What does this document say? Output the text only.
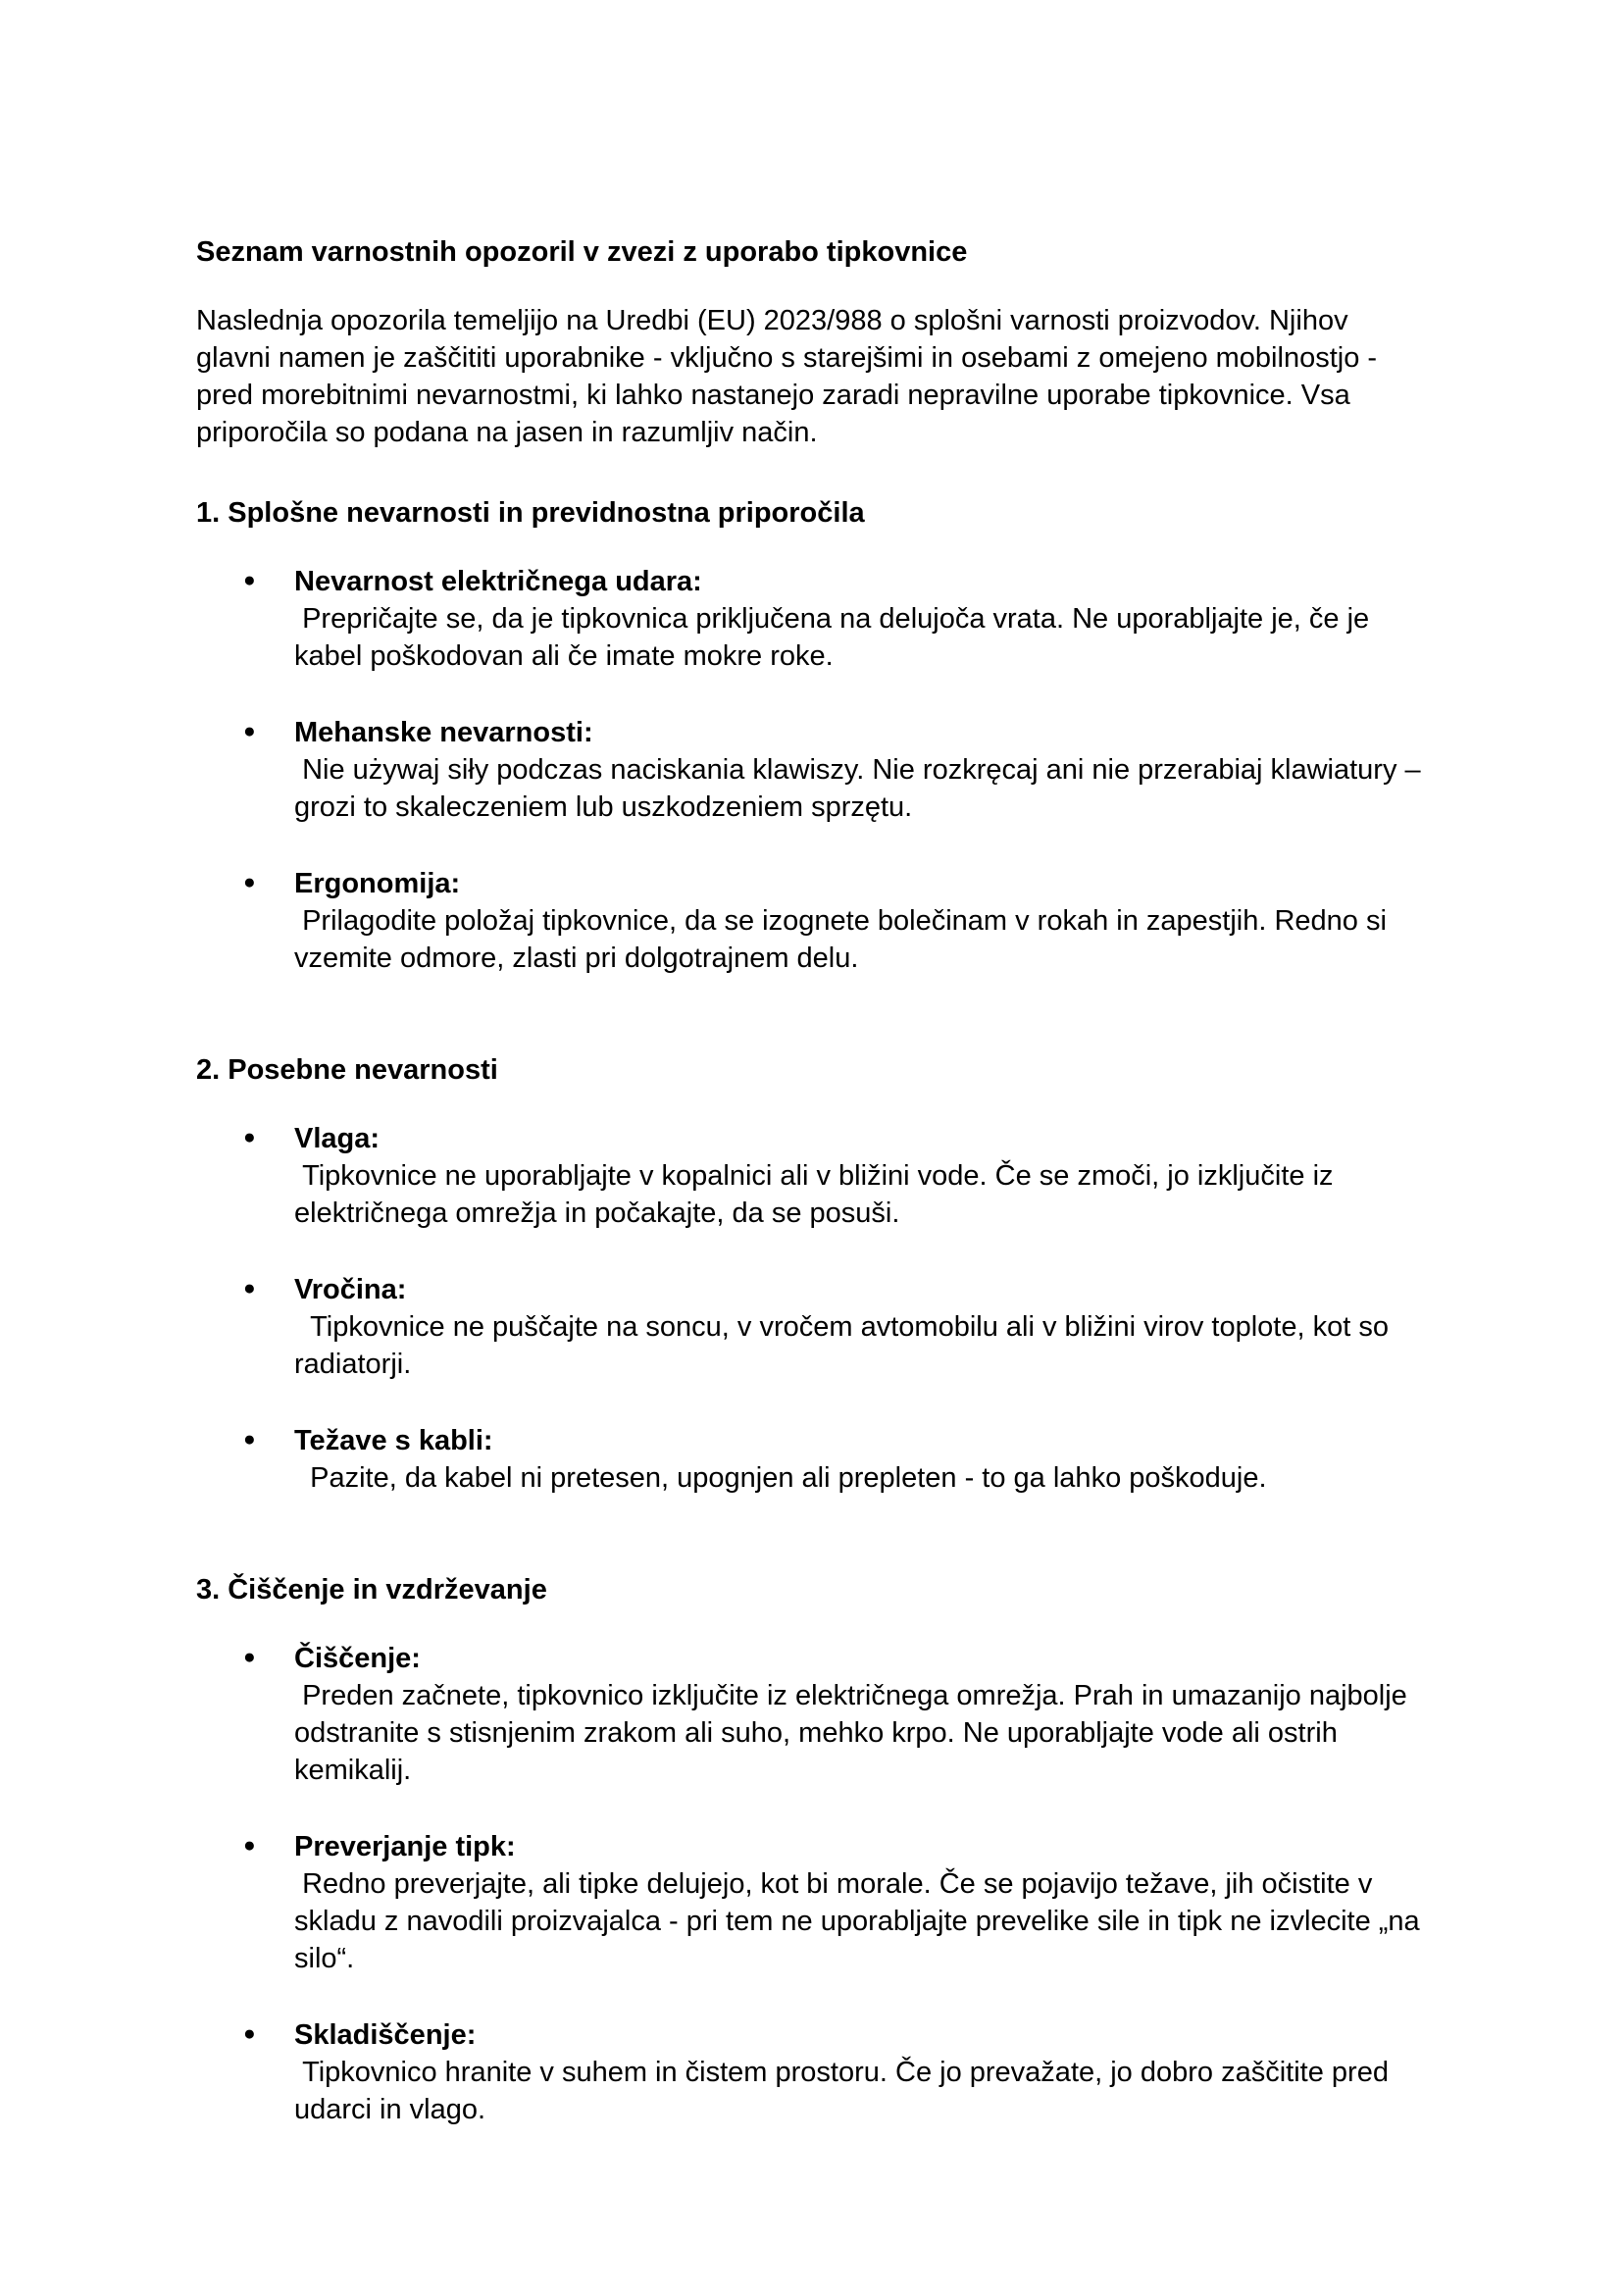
Seznam varnostnih opozoril v zvezi z uporabo tipkovnice

Naslednja opozorila temeljijo na Uredbi (EU) 2023/988 o splošni varnosti proizvodov. Njihov glavni namen je zaščititi uporabnike - vključno s starejšimi in osebami z omejeno mobilnostjo - pred morebitnimi nevarnostmi, ki lahko nastanejo zaradi nepravilne uporabe tipkovnice. Vsa priporočila so podana na jasen in razumljiv način.

1. Splošne nevarnosti in previdnostna priporočila
● Nevarnost električnega udara:
Prepričajte se, da je tipkovnica priključena na delujoča vrata. Ne uporabljajte je, če je kabel poškodovan ali če imate mokre roke.
● Mehanske nevarnosti:
Nie używaj siły podczas naciskania klawiszy. Nie rozkręcaj ani nie przerabiaj klawiatury – grozi to skaleczeniem lub uszkodzeniem sprzętu.
● Ergonomija:
Prilagodite položaj tipkovnice, da se izognete bolečinam v rokah in zapestjih. Redno si vzemite odmore, zlasti pri dolgotrajnem delu.
2. Posebne nevarnosti
● Vlaga:
Tipkovnice ne uporabljajte v kopalnici ali v bližini vode. Če se zmoči, jo izključite iz električnega omrežja in počakajte, da se posuši.
● Vročina:
Tipkovnice ne puščajte na soncu, v vročem avtomobilu ali v bližini virov toplote, kot so radiatorji.
● Težave s kabli:
Pazite, da kabel ni pretesen, upognjen ali prepleten - to ga lahko poškoduje.
3. Čiščenje in vzdrževanje
● Čiščenje:
Preden začnete, tipkovnico izključite iz električnega omrežja. Prah in umazanijo najbolje odstranite s stisnjenim zrakom ali suho, mehko krpo. Ne uporabljajte vode ali ostrih kemikalij.
● Preverjanje tipk:
Redno preverjajte, ali tipke delujejo, kot bi morale. Če se pojavijo težave, jih očistite v skladu z navodili proizvajalca - pri tem ne uporabljajte prevelike sile in tipk ne izvlecite „na silo“.
● Skladiščenje:
Tipkovnico hranite v suhem in čistem prostoru. Če jo prevažate, jo dobro zaščitite pred udarci in vlago.
